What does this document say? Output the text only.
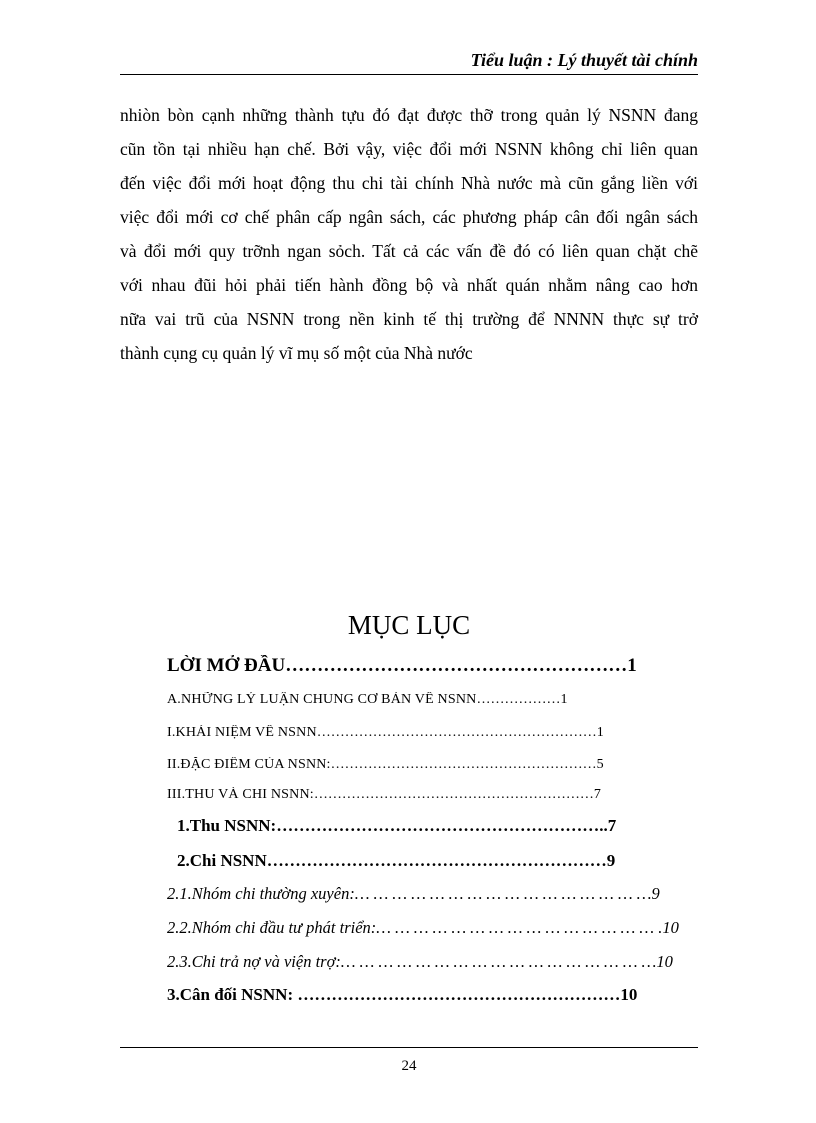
Tiểu luận : Lý thuyết tài chính
nhiòn bòn cạnh những thành tựu đó đạt được thỡ trong quản lý NSNN đang
cũn tồn tại nhiều hạn chế. Bởi vậy, việc đổi mới NSNN không chỉ liên quan
đến việc đổi mới hoạt động thu chi tài chính Nhà nước mà cũn gắng liền với
việc đổi mới cơ chế phân cấp ngân sách, các phương pháp cân đối ngân sách
và đổi mới quy trỡnh ngan sỏch. Tất cả các vấn đề đó có liên quan chặt chẽ
với nhau đũi hỏi phải tiến hành đồng bộ và nhất quán nhằm nâng cao hơn
nữa vai trũ của NSNN trong nền kinh tế thị trường để NNNN thực sự trở
thành cụng cụ quản lý vĩ mụ số một của Nhà nước
MỤC LỤC
LỜI MỞ ĐẦU………………………………………………1
A.NHỮNG LÝ LUẬN CHUNG CƠ BẢN VỀ NSNN………………1
I.KHÁI NIỆM VỀ NSNN……………………………………………………1
II.ĐẶC ĐIỂM CỦA NSNN:…………………………………………………5
III.THU VÀ CHI NSNN:……………………………………………………7
1.Thu NSNN:…………………………………………………..7
2.Chi NSNN……………………………………………………9
2.1.Nhóm chi thường xuyên:… … … … … … … … … … … … … … … …9
2.2.Nhóm chi đầu tư phát triển:… … … … … … … … … … … … … … … .10
2.3.Chi trả nợ và viện trợ:… … … … … … … … … … … … … … … … …10
3.Cân đối NSNN: …………………………………………………10
24
